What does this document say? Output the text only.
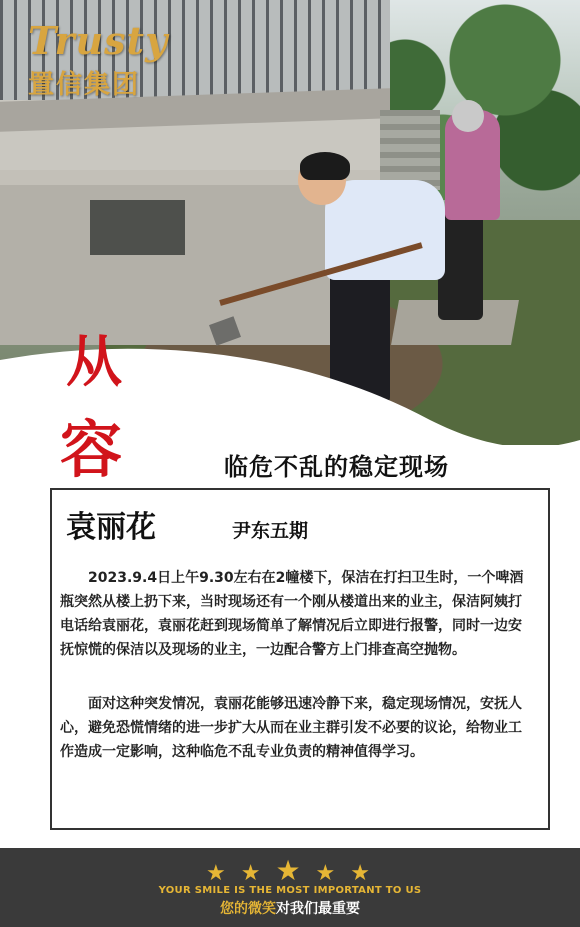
Trusty
置信集团
从
容	临危不乱的稳定现场
袁丽花	尹东五期

2023.9.4日上午9.30左右在2幢楼下，保洁在打扫卫生时，一个啤酒瓶突然从楼上扔下来，当时现场还有一个刚从楼道出来的业主，保洁阿姨打电话给袁丽花，袁丽花赶到现场简单了解情况后立即进行报警，同时一边安抚惊慌的保洁以及现场的业主，一边配合警方上门排查高空抛物。

面对这种突发情况，袁丽花能够迅速冷静下来，稳定现场情况，安抚人心，避免恐慌情绪的进一步扩大从而在业主群引发不必要的议论，给物业工作造成一定影响，这种临危不乱专业负责的精神值得学习。

★ ★ ★ ★ ★
YOUR SMILE IS THE MOST IMPORTANT TO US
您的微笑对我们最重要
